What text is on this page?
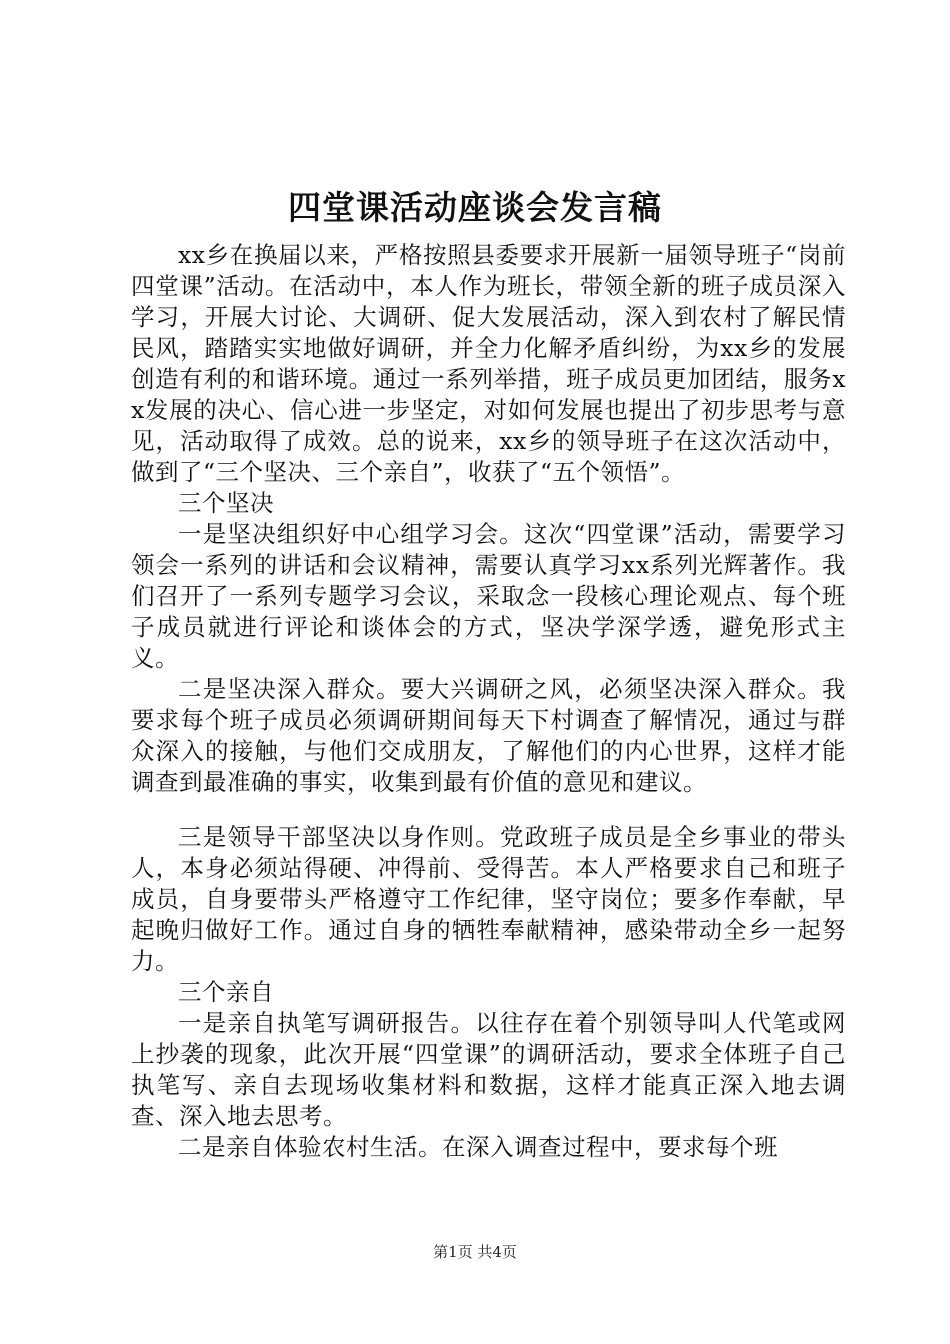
四堂课活动座谈会发言稿

xx乡在换届以来，严格按照县委要求开展新一届领导班子“岗前四堂课”活动。在活动中，本人作为班长，带领全新的班子成员深入学习，开展大讨论、大调研、促大发展活动，深入到农村了解民情民风，踏踏实实地做好调研，并全力化解矛盾纠纷，为xx乡的发展创造有利的和谐环境。通过一系列举措，班子成员更加团结，服务xx发展的决心、信心进一步坚定，对如何发展也提出了初步思考与意见，活动取得了成效。总的说来，xx乡的领导班子在这次活动中，做到了“三个坚决、三个亲自”，收获了“五个领悟”。

三个坚决

一是坚决组织好中心组学习会。这次“四堂课”活动，需要学习领会一系列的讲话和会议精神，需要认真学习xx系列光辉著作。我们召开了一系列专题学习会议，采取念一段核心理论观点、每个班子成员就进行评论和谈体会的方式，坚决学深学透，避免形式主义。

二是坚决深入群众。要大兴调研之风，必须坚决深入群众。我要求每个班子成员必须调研期间每天下村调查了解情况，通过与群众深入的接触，与他们交成朋友，了解他们的内心世界，这样才能调查到最准确的事实，收集到最有价值的意见和建议。

三是领导干部坚决以身作则。党政班子成员是全乡事业的带头人，本身必须站得硬、冲得前、受得苦。本人严格要求自己和班子成员，自身要带头严格遵守工作纪律，坚守岗位；要多作奉献，早起晚归做好工作。通过自身的牺牲奉献精神，感染带动全乡一起努力。

三个亲自

一是亲自执笔写调研报告。以往存在着个别领导叫人代笔或网上抄袭的现象，此次开展“四堂课”的调研活动，要求全体班子自己执笔写、亲自去现场收集材料和数据，这样才能真正深入地去调查、深入地去思考。

二是亲自体验农村生活。在深入调查过程中，要求每个班

第1页 共4页
